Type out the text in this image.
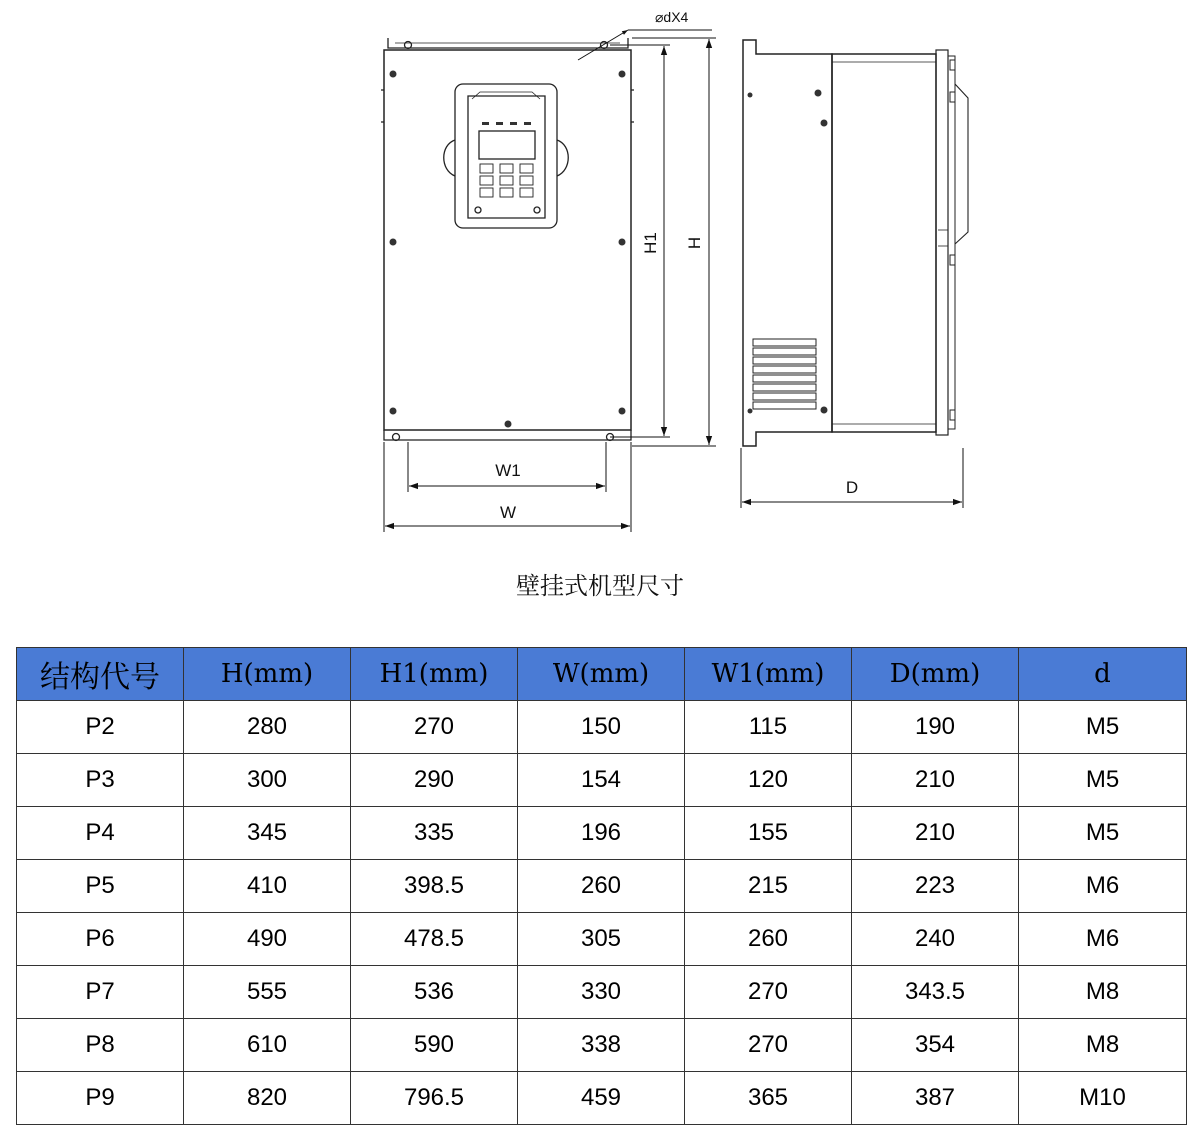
⌀dX4
H1 H
W1
W
D
壁挂式机型尺寸
结构代号	H(mm)	H1(mm)	W(mm)	W1(mm)	D(mm)	d
P2	280	270	150	115	190	M5
P3	300	290	154	120	210	M5
P4	345	335	196	155	210	M5
P5	410	398.5	260	215	223	M6
P6	490	478.5	305	260	240	M6
P7	555	536	330	270	343.5	M8
P8	610	590	338	270	354	M8
P9	820	796.5	459	365	387	M10
